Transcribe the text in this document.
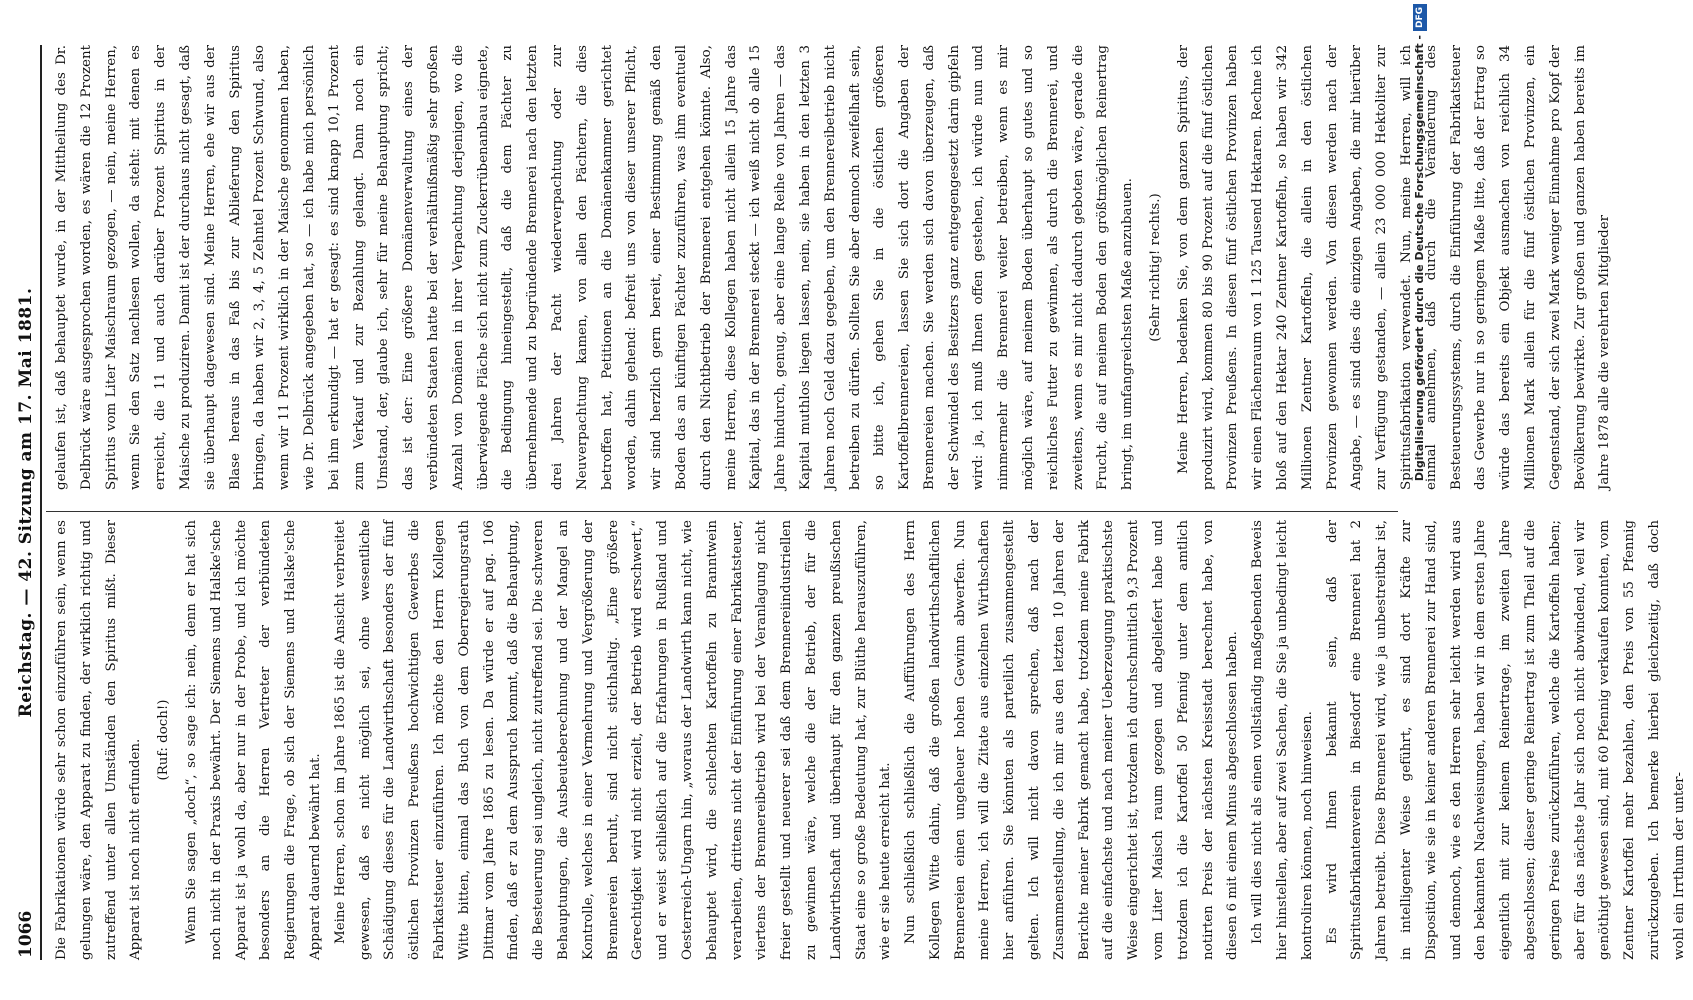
1066
Reichstag. — 42. Sitzung am 17. Mai 1881.

Die Fabrikationen würde sehr schon einzuführen sein, wenn es gelungen wäre, den Apparat zu finden, der wirklich richtig und zutreffend unter allen Umständen den Spiritus mißt. Dieser Apparat ist noch nicht erfunden. (Ruf: doch!) Wenn Sie sagen „doch“, so sage ich: nein, denn er hat sich noch nicht in der Praxis bewährt. Der Siemens und Halske'sche Apparat ist ja wohl da, aber nur in der Probe, und ich möchte besonders an die Herren Vertreter der verbündeten Regierungen die Frage, ob sich der Siemens und Halske'sche Apparat dauernd bewährt hat. Meine Herren, schon im Jahre 1865 ist die Ansicht verbreitet gewesen, daß es nicht möglich sei, ohne wesentliche Schädigung dieses für die Landwirthschaft besonders der fünf östlichen Provinzen Preußens hochwichtigen Gewerbes die Fabrikatsteuer einzuführen. Ich möchte den Herrn Kollegen Witte bitten, einmal das Buch von dem Oberregierungsrath Dittmar vom Jahre 1865 zu lesen. Da würde er auf pag. 106 finden, daß er zu dem Ausspruch kommt, daß die Behauptung, die Besteuerung sei ungleich, nicht zutreffend sei. Die schweren Behauptungen, die Ausbeuteberechnung und der Mangel an Kontrolle, welches in einer Vermehrung und Vergrößerung der Brennereien beruht, sind nicht stichhaltig. „Eine größere Gerechtigkeit wird nicht erzielt, der Betrieb wird erschwert,“ und er weist schließlich auf die Erfahrungen in Rußland und Oesterreich-Ungarn hin, „woraus der Landwirth kann nicht, wie behauptet wird, die schlechten Kartoffeln zu Branntwein verarbeiten, drittens nicht der Einführung einer Fabrikatsteuer, viertens der Brennereibetrieb wird bei der Veranlagung nicht freier gestellt und neuerer sei daß dem Brennereiindustriellen zu gewinnen wäre, welche die der Betrieb, der für die Landwirthschaft und überhaupt für den ganzen preußischen Staat eine so große Bedeutung hat, zur Blüthe herauszuführen, wie er sie heute erreicht hat. Nun schließlich schließlich die Aufführungen des Herrn Kollegen Witte dahin, daß die großen landwirthschaftlichen Brennereien einen ungeheuer hohen Gewinn abwerfen. Nun meine Herren, ich will die Zitate aus einzelnen Wirthschaften hier anführen. Sie könnten als parteilich zusammengestellt gelten. Ich will nicht davon sprechen, daß nach der Zusammenstellung, die ich mir aus den letzten 10 Jahren der Berichte meiner Fabrik gemacht habe, trotzdem meine Fabrik auf die einfachste und nach meiner Ueberzeugung praktischste Weise eingerichtet ist, trotzdem ich durchschnittlich 9,3 Prozent vom Liter Maisch raum gezogen und abgeliefert habe und trotzdem ich die Kartoffel 50 Pfennig unter dem amtlich notirten Preis der nächsten Kreisstadt berechnet habe, von diesen 6 mit einem Minus abgeschlossen haben. Ich will dies nicht als einen vollständig maßgebenden Beweis hier hinstellen, aber auf zwei Sachen, die Sie ja unbedingt leicht kontroliren können, noch hinweisen. Es wird Ihnen bekannt sein, daß der Spiritusfabrikantenverein in Biesdorf eine Brennerei hat 2 Jahren betreibt. Diese Brennerei wird, wie ja unbestreitbar ist, in intelligenter Weise geführt, es sind dort Kräfte zur Disposition, wie sie in keiner anderen Brennerei zur Hand sind, und dennoch, wie es den Herren sehr leicht werden wird aus den bekannten Nachweisungen, haben wir in dem ersten Jahre eigentlich mit zur keinem Reinertrage, im zweiten Jahre abgeschlossen; dieser geringe Reinertrag ist zum Theil auf die geringen Preise zurückzuführen, welche die Kartoffeln haben; aber für das nächste Jahr sich noch nicht abwindend, weil wir genöthigt gewesen sind, mit 60 Pfennig verkaufen konnten, vom Zentner Kartoffel mehr bezahlen, den Preis von 55 Pfennig zurückzugeben. Ich bemerke hierbei gleichzeitig, daß doch wohl ein Irrthum der unter-

gelaufen ist, daß behauptet wurde, in der Mittheilung des Dr. Delbrück wäre ausgesprochen worden, es wären die 12 Prozent Spiritus vom Liter Maischraum gezogen, — nein, meine Herren, wenn Sie den Satz nachlesen wollen, da steht: mit denen es erreicht, die 11 und auch darüber Prozent Spiritus in der Maische zu produziren. Damit ist der durchaus nicht gesagt, daß sie überhaupt dagewesen sind. Meine Herren, ehe wir aus der Blase heraus in das Faß bis zur Ablieferung den Spiritus bringen, da haben wir 2, 3, 4, 5 Zehntel Prozent Schwund, also wenn wir 11 Prozent wirklich in der Maische genommen haben, wie Dr. Delbrück angegeben hat, so — ich habe mich persönlich bei ihm erkundigt — hat er gesagt: es sind knapp 10,1 Prozent zum Verkauf und zur Bezahlung gelangt. Dann noch ein Umstand, der, glaube ich, sehr für meine Behauptung spricht; das ist der: Eine größere Domänenverwaltung eines der verbündeten Staaten hatte bei der verhältnißmäßig sehr großen Anzahl von Domänen in ihrer Verpachtung derjenigen, wo die überwiegende Fläche sich nicht zum Zuckerrübenanbau eignete, die Bedingung hineingestellt, daß die dem Pächter zu übernehmende und zu begründende Brennerei nach den letzten drei Jahren der Pacht wiederverpachtung oder zur Neuverpachtung kamen, von allen den Pächtern, die dies betroffen hat, Petitionen an die Domänenkammer gerichtet worden, dahin gehend: befreit uns von dieser unserer Pflicht, wir sind herzlich gern bereit, einer Bestimmung gemäß den Boden das an künftigen Pächter zuzuführen, was ihm eventuell durch den Nichtbetrieb der Brennerei entgehen könnte. Also, meine Herren, diese Kollegen haben nicht allein 15 Jahre das Kapital, das in der Brennerei steckt — ich weiß nicht ob alle 15 Jahre hindurch, genug, aber eine lange Reihe von Jahren — das Kapital muthlos liegen lassen, nein, sie haben in den letzten 3 Jahren noch Geld dazu gegeben, um den Brennereibetrieb nicht betreiben zu dürfen. Sollten Sie aber dennoch zweifelhaft sein, so bitte ich, gehen Sie in die östlichen größeren Kartoffelbrennereien, lassen Sie sich dort die Angaben der Brennereien machen. Sie werden sich davon überzeugen, daß der Schwindel des Besitzers ganz entgegengesetzt darin gipfeln wird: ja, ich muß Ihnen offen gestehen, ich würde nun und nimmermehr die Brennerei weiter betreiben, wenn es mir möglich wäre, auf meinem Boden überhaupt so gutes und so reichliches Futter zu gewinnen, als durch die Brennerei, und zweitens, wenn es mir nicht dadurch geboten wäre, gerade die Frucht, die auf meinem Boden den größtmöglichen Reinertrag bringt, im umfangreichsten Maße anzubauen. (Sehr richtig! rechts.) Meine Herren, bedenken Sie, von dem ganzen Spiritus, der produzirt wird, kommen 80 bis 90 Prozent auf die fünf östlichen Provinzen Preußens. In diesen fünf östlichen Provinzen haben wir einen Flächenraum von 1 125 Tausend Hektaren. Rechne ich bloß auf den Hektar 240 Zentner Kartoffeln, so haben wir 342 Millionen Zentner Kartoffeln, die allein in den östlichen Provinzen gewonnen werden. Von diesen werden nach der Angabe, — es sind dies die einzigen Angaben, die mir hierüber zur Verfügung gestanden, — allein 23 000 000 Hektoliter zur Spiritusfabrikation verwendet. Nun, meine Herren, will ich einmal annehmen, daß durch die Veränderung des Besteuerungssystems, durch die Einführung der Fabrikatsteuer das Gewerbe nur in so geringem Maße litte, daß der Ertrag so würde das bereits ein Objekt ausmachen von reichlich 34 Millionen Mark allein für die fünf östlichen Provinzen, ein Gegenstand, der sich zwei Mark weniger Einnahme pro Kopf der Bevölkerung bewirkte. Zur großen und ganzen haben bereits im Jahre 1878 alle die verehrten Mitglieder

Digitalisierung gefördert durch die Deutsche Forschungsgemeinschaft -DFG
